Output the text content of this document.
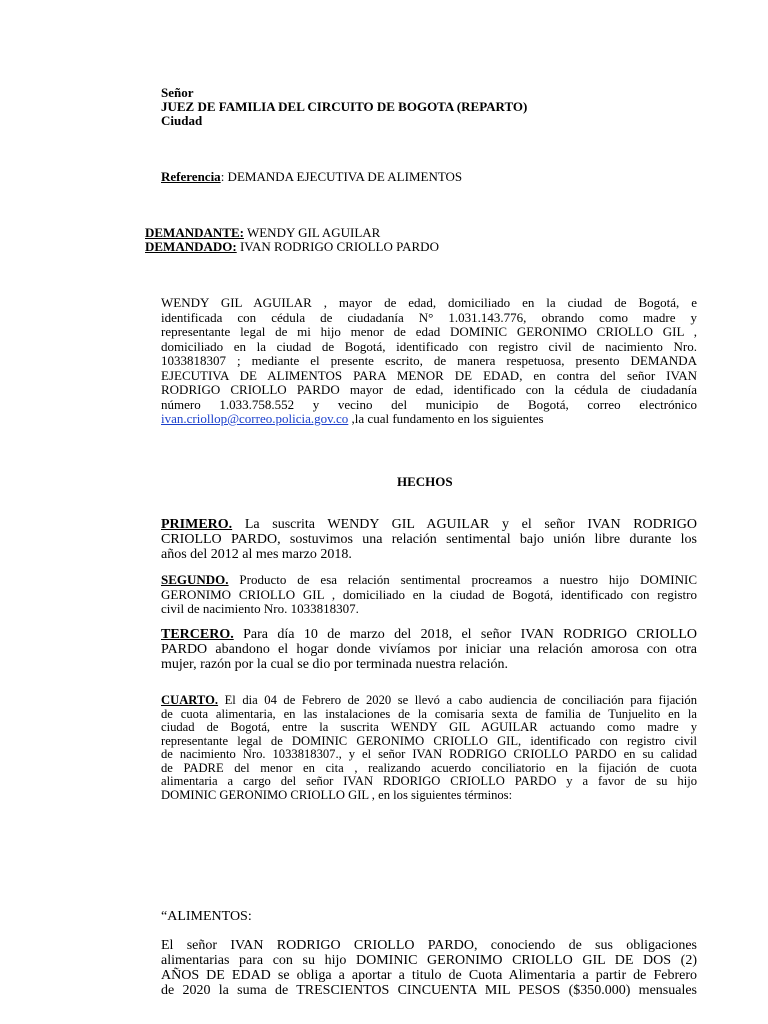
Señor
JUEZ DE FAMILIA DEL CIRCUITO DE BOGOTA (REPARTO)
Ciudad
Referencia: DEMANDA EJECUTIVA DE ALIMENTOS
DEMANDANTE: WENDY GIL AGUILAR
DEMANDADO: IVAN RODRIGO CRIOLLO PARDO
WENDY GIL AGUILAR , mayor de edad, domiciliado en la ciudad de Bogotá, e
identificada con cédula de ciudadanía N° 1.031.143.776, obrando como madre y
representante legal de mi hijo menor de edad DOMINIC GERONIMO CRIOLLO GIL ,
domiciliado en la ciudad de Bogotá, identificado con registro civil de nacimiento Nro.
1033818307 ; mediante el presente escrito, de manera respetuosa, presento DEMANDA
EJECUTIVA DE ALIMENTOS PARA MENOR DE EDAD, en contra del señor IVAN
RODRIGO CRIOLLO PARDO mayor de edad, identificado con la cédula de ciudadanía
número 1.033.758.552 y vecino del municipio de Bogotá, correo electrónico
ivan.criollop@correo.policia.gov.co ,la cual fundamento en los siguientes
HECHOS
PRIMERO. La suscrita WENDY GIL AGUILAR y el señor IVAN RODRIGO
CRIOLLO PARDO, sostuvimos una relación sentimental bajo unión libre durante los
años del 2012 al mes marzo 2018.
SEGUNDO. Producto de esa relación sentimental procreamos a nuestro hijo DOMINIC
GERONIMO CRIOLLO GIL , domiciliado en la ciudad de Bogotá, identificado con registro
civil de nacimiento Nro. 1033818307.
TERCERO. Para día 10 de marzo del 2018, el señor IVAN RODRIGO CRIOLLO
PARDO abandono el hogar donde vivíamos por iniciar una relación amorosa con otra
mujer, razón por la cual se dio por terminada nuestra relación.
CUARTO. El dia 04 de Febrero de 2020 se llevó a cabo audiencia de conciliación para fijación
de cuota alimentaria, en las instalaciones de la comisaria sexta de familia de Tunjuelito en la
ciudad de Bogotá, entre la suscrita WENDY GIL AGUILAR actuando como madre y
representante legal de DOMINIC GERONIMO CRIOLLO GIL, identificado con registro civil
de nacimiento Nro. 1033818307., y el señor IVAN RODRIGO CRIOLLO PARDO en su calidad
de PADRE del menor en cita , realizando acuerdo conciliatorio en la fijación de cuota
alimentaria a cargo del señor IVAN RDORIGO CRIOLLO PARDO y a favor de su hijo
DOMINIC GERONIMO CRIOLLO GIL , en los siguientes términos:
“ALIMENTOS:
El señor IVAN RODRIGO CRIOLLO PARDO, conociendo de sus obligaciones
alimentarias para con su hijo DOMINIC GERONIMO CRIOLLO GIL DE DOS (2)
AÑOS DE EDAD se obliga a aportar a titulo de Cuota Alimentaria a partir de Febrero
de 2020 la suma de TRESCIENTOS CINCUENTA MIL PESOS ($350.000) mensuales
